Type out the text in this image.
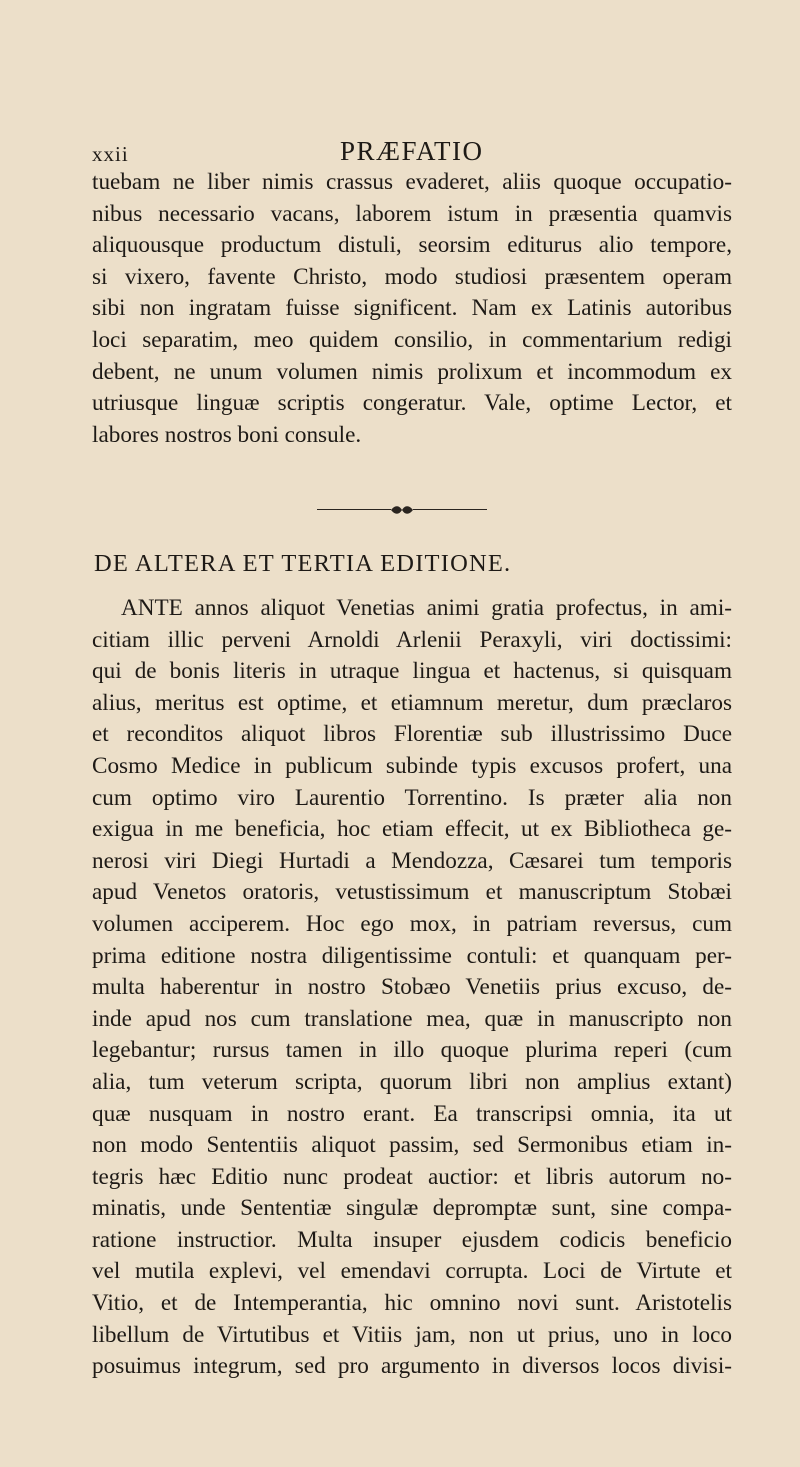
xxii	PRÆFATIO
tuebam ne liber nimis crassus evaderet, aliis quoque occupatio-
nibus necessario vacans, laborem istum in præsentia quamvis
aliquousque productum distuli, seorsim editurus alio tempore,
si vixero, favente Christo, modo studiosi præsentem operam
sibi non ingratam fuisse significent. Nam ex Latinis autoribus
loci separatim, meo quidem consilio, in commentarium redigi
debent, ne unum volumen nimis prolixum et incommodum ex
utriusque linguæ scriptis congeratur. Vale, optime Lector, et
labores nostros boni consule.
DE ALTERA ET TERTIA EDITIONE.
ANTE annos aliquot Venetias animi gratia profectus, in ami-
citiam illic perveni Arnoldi Arlenii Peraxyli, viri doctissimi:
qui de bonis literis in utraque lingua et hactenus, si quisquam
alius, meritus est optime, et etiamnum meretur, dum præclaros
et reconditos aliquot libros Florentiæ sub illustrissimo Duce
Cosmo Medice in publicum subinde typis excusos profert, una
cum optimo viro Laurentio Torrentino. Is præter alia non
exigua in me beneficia, hoc etiam effecit, ut ex Bibliotheca ge-
nerosi viri Diegi Hurtadi a Mendozza, Cæsarei tum temporis
apud Venetos oratoris, vetustissimum et manuscriptum Stobæi
volumen acciperem. Hoc ego mox, in patriam reversus, cum
prima editione nostra diligentissime contuli: et quanquam per-
multa haberentur in nostro Stobæo Venetiis prius excuso, de-
inde apud nos cum translatione mea, quæ in manuscripto non
legebantur; rursus tamen in illo quoque plurima reperi (cum
alia, tum veterum scripta, quorum libri non amplius extant)
quæ nusquam in nostro erant. Ea transcripsi omnia, ita ut
non modo Sententiis aliquot passim, sed Sermonibus etiam in-
tegris hæc Editio nunc prodeat auctior: et libris autorum no-
minatis, unde Sententiæ singulæ depromptæ sunt, sine compa-
ratione instructior. Multa insuper ejusdem codicis beneficio
vel mutila explevi, vel emendavi corrupta. Loci de Virtute et
Vitio, et de Intemperantia, hic omnino novi sunt. Aristotelis
libellum de Virtutibus et Vitiis jam, non ut prius, uno in loco
posuimus integrum, sed pro argumento in diversos locos divisi-
